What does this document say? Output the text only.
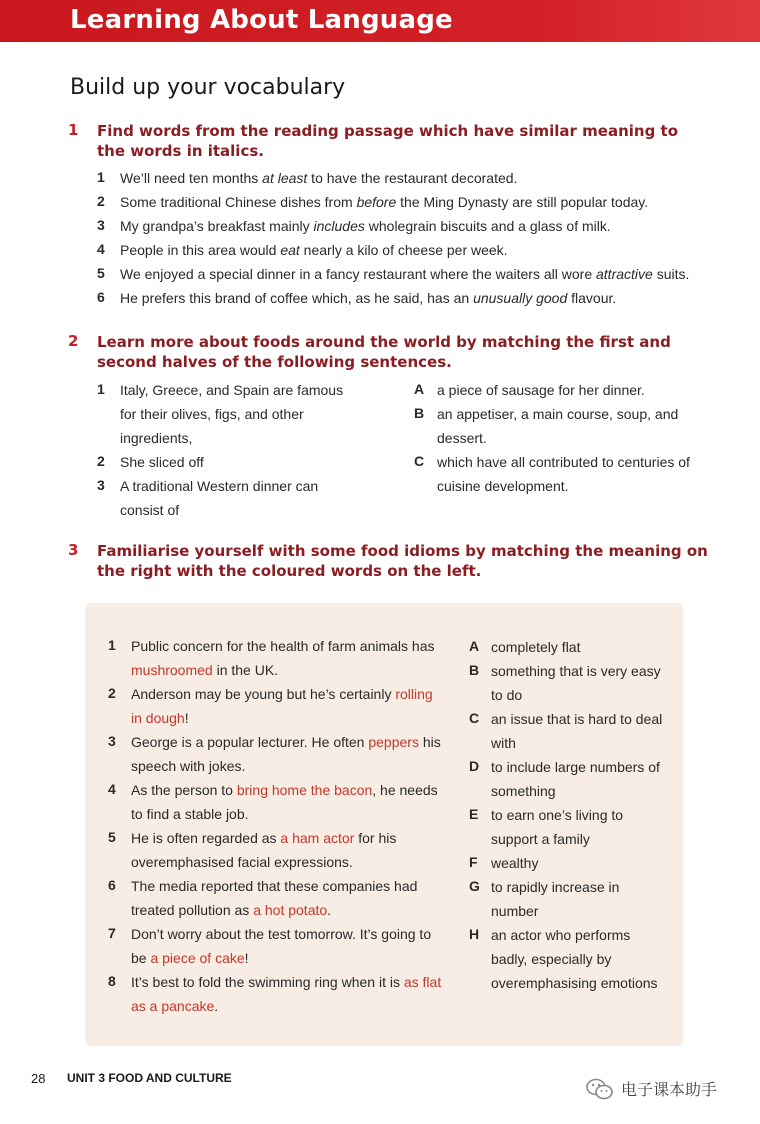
Learning About Language
Build up your vocabulary
1 Find words from the reading passage which have similar meaning to the words in italics.
1 We’ll need ten months at least to have the restaurant decorated.
2 Some traditional Chinese dishes from before the Ming Dynasty are still popular today.
3 My grandpa’s breakfast mainly includes wholegrain biscuits and a glass of milk.
4 People in this area would eat nearly a kilo of cheese per week.
5 We enjoyed a special dinner in a fancy restaurant where the waiters all wore attractive suits.
6 He prefers this brand of coffee which, as he said, has an unusually good flavour.
2 Learn more about foods around the world by matching the first and second halves of the following sentences.
1 Italy, Greece, and Spain are famous
for their olives, figs, and other
ingredients,
2 She sliced off
3 A traditional Western dinner can
consist of
A a piece of sausage for her dinner.
B an appetiser, a main course, soup, and
dessert.
C which have all contributed to centuries of
cuisine development.
3 Familiarise yourself with some food idioms by matching the meaning on the right with the coloured words on the left.
1 Public concern for the health of farm animals has
mushroomed in the UK.
2 Anderson may be young but he’s certainly rolling
in dough!
3 George is a popular lecturer. He often peppers his
speech with jokes.
4 As the person to bring home the bacon, he needs
to find a stable job.
5 He is often regarded as a ham actor for his
overemphasised facial expressions.
6 The media reported that these companies had
treated pollution as a hot potato.
7 Don’t worry about the test tomorrow. It’s going to
be a piece of cake!
8 It’s best to fold the swimming ring when it is as flat
as a pancake.
A completely flat
B something that is very easy
to do
C an issue that is hard to deal
with
D to include large numbers of
something
E to earn one’s living to
support a family
F wealthy
G to rapidly increase in
number
H an actor who performs
badly, especially by
overemphasising emotions
28 UNIT 3 FOOD AND CULTURE
电子课本助手
